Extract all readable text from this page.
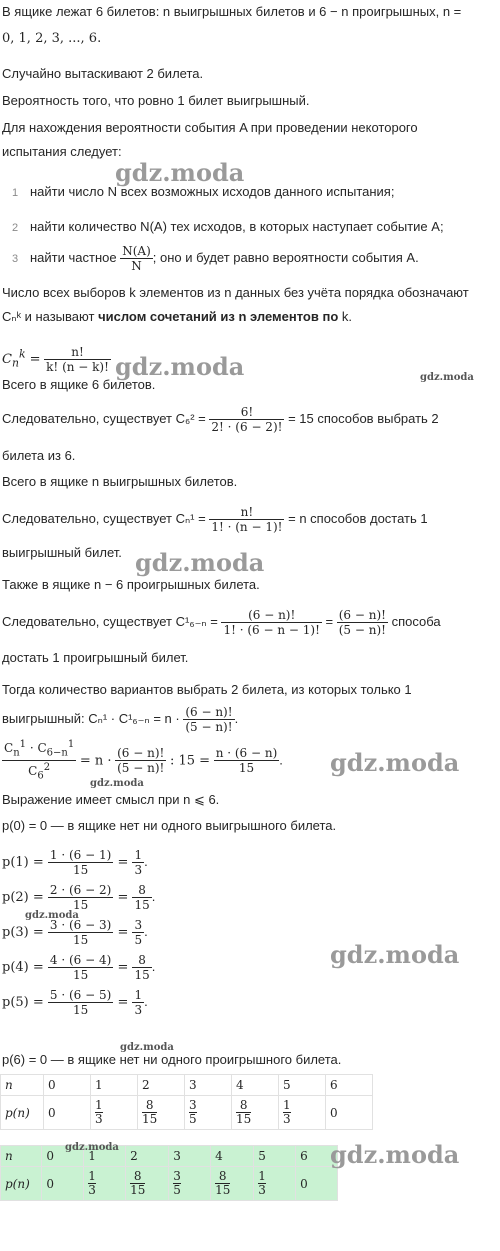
В ящике лежат 6 билетов: n выигрышных билетов и 6 − n проигрышных, n =
0, 1, 2, 3, ..., 6.
Случайно вытаскивают 2 билета.
Вероятность того, что ровно 1 билет выигрышный.
Для нахождения вероятности события A при проведении некоторого
испытания следует:
1 найти число N всех возможных исходов данного испытания;
2 найти количество N(A) тех исходов, в которых наступает событие A;
3 найти частное $\frac{N(A)}{N}$ ; оно и будет равно вероятности события A.
Число всех выборов k элементов из n данных без учёта порядка обозначают
Cₙᵏ и называют числом сочетаний из n элементов по k.
$C_n^k = \frac{n!}{k! (n - k)!}$
Всего в ящике 6 билетов.
Следовательно, существует $C_6^2 = \frac{6!}{2! \cdot (6 - 2)!} = 15$ способов выбрать 2
билета из 6.
Всего в ящике n выигрышных билетов.
Следовательно, существует $C_n^1 = \frac{n!}{1! \cdot (n - 1)!} = n$ способов достать 1
выигрышный билет.
Также в ящике n − 6 проигрышных билета.
Следовательно, существует $C^1_{6-n} = \frac{(6 - n)!}{1! \cdot (6 - n - 1)!} = \frac{(6 - n)!}{(5 - n)!}$ способа
достать 1 проигрышный билет.
Тогда количество вариантов выбрать 2 билета, из которых только 1
выигрышный: $C_n^1 \cdot C^1_{6-n} = n \cdot \frac{(6 - n)!}{(5 - n)!}$ .
$\frac{C_n^1 \cdot C_{6-n}^1}{C_6^2} = n \cdot \frac{(6 - n)!}{(5 - n)!}$ : $15 = \frac{n \cdot (6 - n)}{15}$ .
Выражение имеет смысл при n ⩽ 6.
p(0) = 0 — в ящике нет ни одного выигрышного билета.
$p(1) = \frac{1 \cdot (6 - 1)}{15} = \frac{1}{3}$ .
$p(2) = \frac{2 \cdot (6 - 2)}{15} = \frac{8}{15}$ .
$p(3) = \frac{3 \cdot (6 - 3)}{15} = \frac{3}{5}$ .
$p(4) = \frac{4 \cdot (6 - 4)}{15} = \frac{8}{15}$ .
$p(5) = \frac{5 \cdot (6 - 5)}{15} = \frac{1}{3}$ .
p(6) = 0 — в ящике нет ни одного проигрышного билета.
n	0	1	2	3	4	5	6
p(n)	0	$\frac{1}{3}$	$\frac{8}{15}$	$\frac{3}{5}$	$\frac{8}{15}$	$\frac{1}{3}$	0
n	0	1	2	3	4	5	6
p(n)	0	$\frac{1}{3}$	$\frac{8}{15}$	$\frac{3}{5}$	$\frac{8}{15}$	$\frac{1}{3}$	0
gdz.moda
gdz.moda	gdz.moda
gdz.moda
gdz.moda
gdz.moda
gdz.moda
gdz.moda
gdz.moda
gdz.moda	gdz.moda
